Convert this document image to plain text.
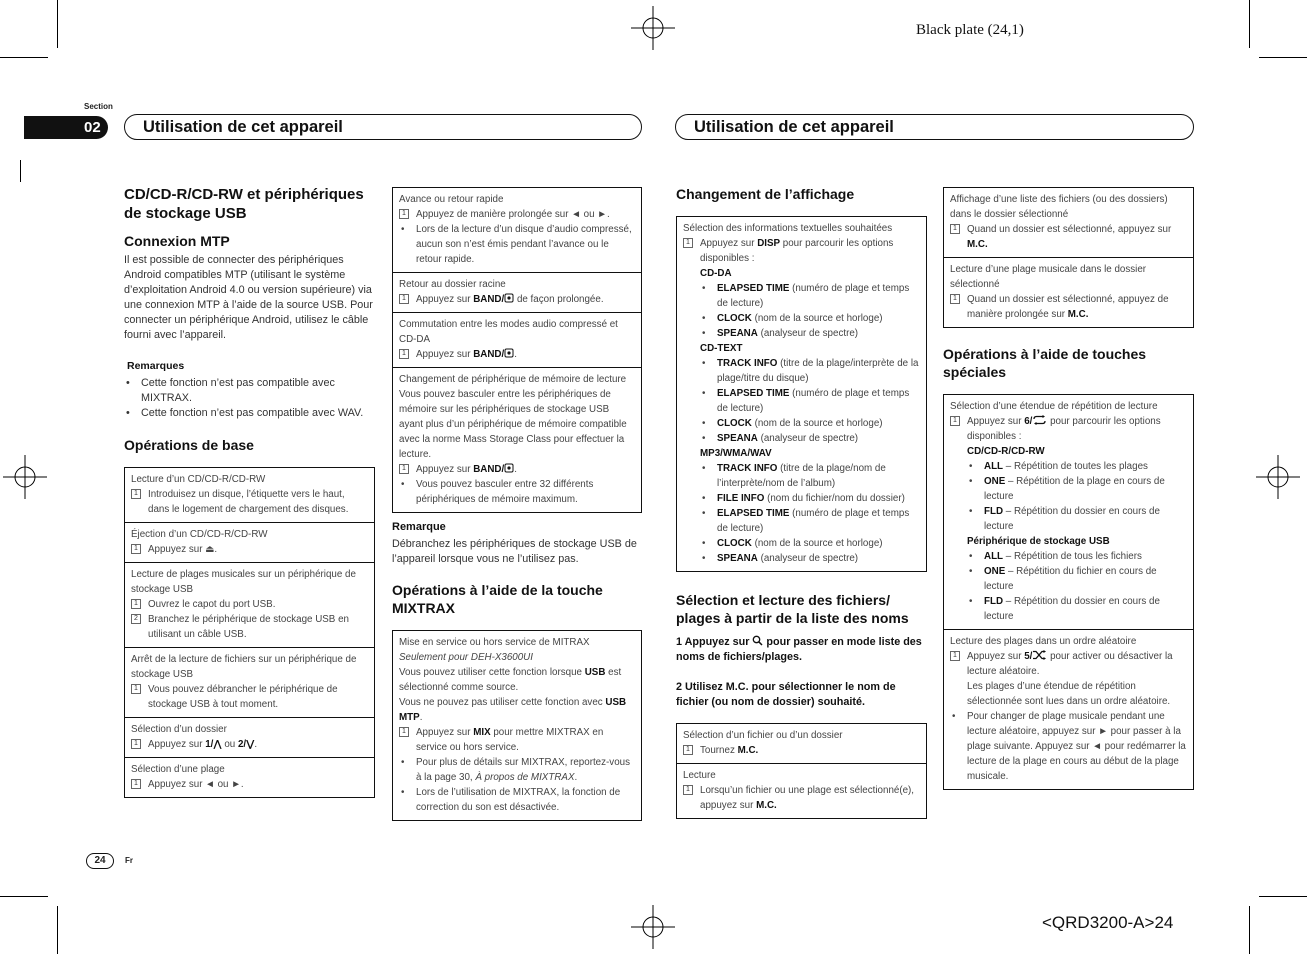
Black plate (24,1)
<QRD3200-A>24
Section
02	Utilisation de cet appareil	Utilisation de cet appareil
CD/CD-R/CD-RW et périphériques de stockage USB
Connexion MTP

Il est possible de connecter des périphériques Android compatibles MTP (utilisant le système d’exploitation Android 4.0 ou version supérieure) via une connexion MTP à l’aide de la source USB. Pour connecter un périphérique Android, utilisez le câble fourni avec l’appareil.

Remarques

•	Cette fonction n’est pas compatible avec MIXTRAX.
•	Cette fonction n’est pas compatible avec WAV.
Opérations de base

Lecture d’un CD/CD-R/CD-RW

1	Introduisez un disque, l’étiquette vers le haut, dans le logement de chargement des disques.

Éjection d’un CD/CD-R/CD-RW

1	Appuyez sur ⏏.

Lecture de plages musicales sur un périphérique de stockage USB

1	Ouvrez le capot du port USB.
2	Branchez le périphérique de stockage USB en utilisant un câble USB.

Arrêt de la lecture de fichiers sur un périphérique de stockage USB

1	Vous pouvez débrancher le périphérique de stockage USB à tout moment.

Sélection d’un dossier

1	Appuyez sur 1/⋀ ou 2/⋁.

Sélection d’une plage

1	Appuyez sur ◄ ou ►.

Avance ou retour rapide

1	Appuyez de manière prolongée sur ◄ ou ►.
•	Lors de la lecture d’un disque d’audio compressé, aucun son n’est émis pendant l’avance ou le retour rapide.

Retour au dossier racine

1	Appuyez sur BAND/ de façon prolongée.

Commutation entre les modes audio compressé et CD-DA

1	Appuyez sur BAND/ .

Changement de périphérique de mémoire de lecture

Vous pouvez basculer entre les périphériques de mémoire sur les périphériques de stockage USB ayant plus d’un périphérique de mémoire compatible avec la norme Mass Storage Class pour effectuer la lecture.

1	Appuyez sur BAND/ .
•	Vous pouvez basculer entre 32 différents périphériques de mémoire maximum.

Remarque

Débranchez les périphériques de stockage USB de l’appareil lorsque vous ne l’utilisez pas.

Opérations à l’aide de la touche MIXTRAX

Mise en service ou hors service de MITRAX

Seulement pour DEH-X3600UI

Vous pouvez utiliser cette fonction lorsque USB est sélectionné comme source.

Vous ne pouvez pas utiliser cette fonction avec USB MTP.

1	Appuyez sur MIX pour mettre MIXTRAX en service ou hors service.
•	Pour plus de détails sur MIXTRAX, reportez-vous à la page 30, À propos de MIXTRAX.
•	Lors de l’utilisation de MIXTRAX, la fonction de correction du son est désactivée.
Changement de l’affichage

Sélection des informations textuelles souhaitées

1	Appuyez sur DISP pour parcourir les options disponibles :

CD-DA

•	ELAPSED TIME (numéro de plage et temps de lecture)
•	CLOCK (nom de la source et horloge)
•	SPEANA (analyseur de spectre)

CD-TEXT

•	TRACK INFO (titre de la plage/interprète de la plage/titre du disque)
•	ELAPSED TIME (numéro de plage et temps de lecture)
•	CLOCK (nom de la source et horloge)
•	SPEANA (analyseur de spectre)

MP3/WMA/WAV

•	TRACK INFO (titre de la plage/nom de l’interprète/nom de l’album)
•	FILE INFO (nom du fichier/nom du dossier)
•	ELAPSED TIME (numéro de plage et temps de lecture)
•	CLOCK (nom de la source et horloge)
•	SPEANA (analyseur de spectre)
Sélection et lecture des fichiers/ plages à partir de la liste des noms

1 Appuyez sur  pour passer en mode liste des noms de fichiers/plages.

2 Utilisez M.C. pour sélectionner le nom de fichier (ou nom de dossier) souhaité.

Sélection d’un fichier ou d’un dossier

1	Tournez M.C.

Lecture

1	Lorsqu’un fichier ou une plage est sélectionné(e), appuyez sur M.C.

Affichage d’une liste des fichiers (ou des dossiers) dans le dossier sélectionné

1	Quand un dossier est sélectionné, appuyez sur M.C.

Lecture d’une plage musicale dans le dossier sélectionné

1	Quand un dossier est sélectionné, appuyez de manière prolongée sur M.C.
Opérations à l’aide de touches spéciales

Sélection d’une étendue de répétition de lecture

1	Appuyez sur 6/ pour parcourir les options disponibles :

CD/CD-R/CD-RW

•	ALL – Répétition de toutes les plages
•	ONE – Répétition de la plage en cours de lecture
•	FLD – Répétition du dossier en cours de lecture

Périphérique de stockage USB

•	ALL – Répétition de tous les fichiers
•	ONE – Répétition du fichier en cours de lecture
•	FLD – Répétition du dossier en cours de lecture

Lecture des plages dans un ordre aléatoire

1	Appuyez sur 5/ pour activer ou désactiver la lecture aléatoire.

Les plages d’une étendue de répétition sélectionnée sont lues dans un ordre aléatoire.

•	Pour changer de plage musicale pendant une lecture aléatoire, appuyez sur ► pour passer à la plage suivante. Appuyez sur ◄ pour redémarrer la lecture de la plage en cours au début de la plage musicale.
24	Fr
